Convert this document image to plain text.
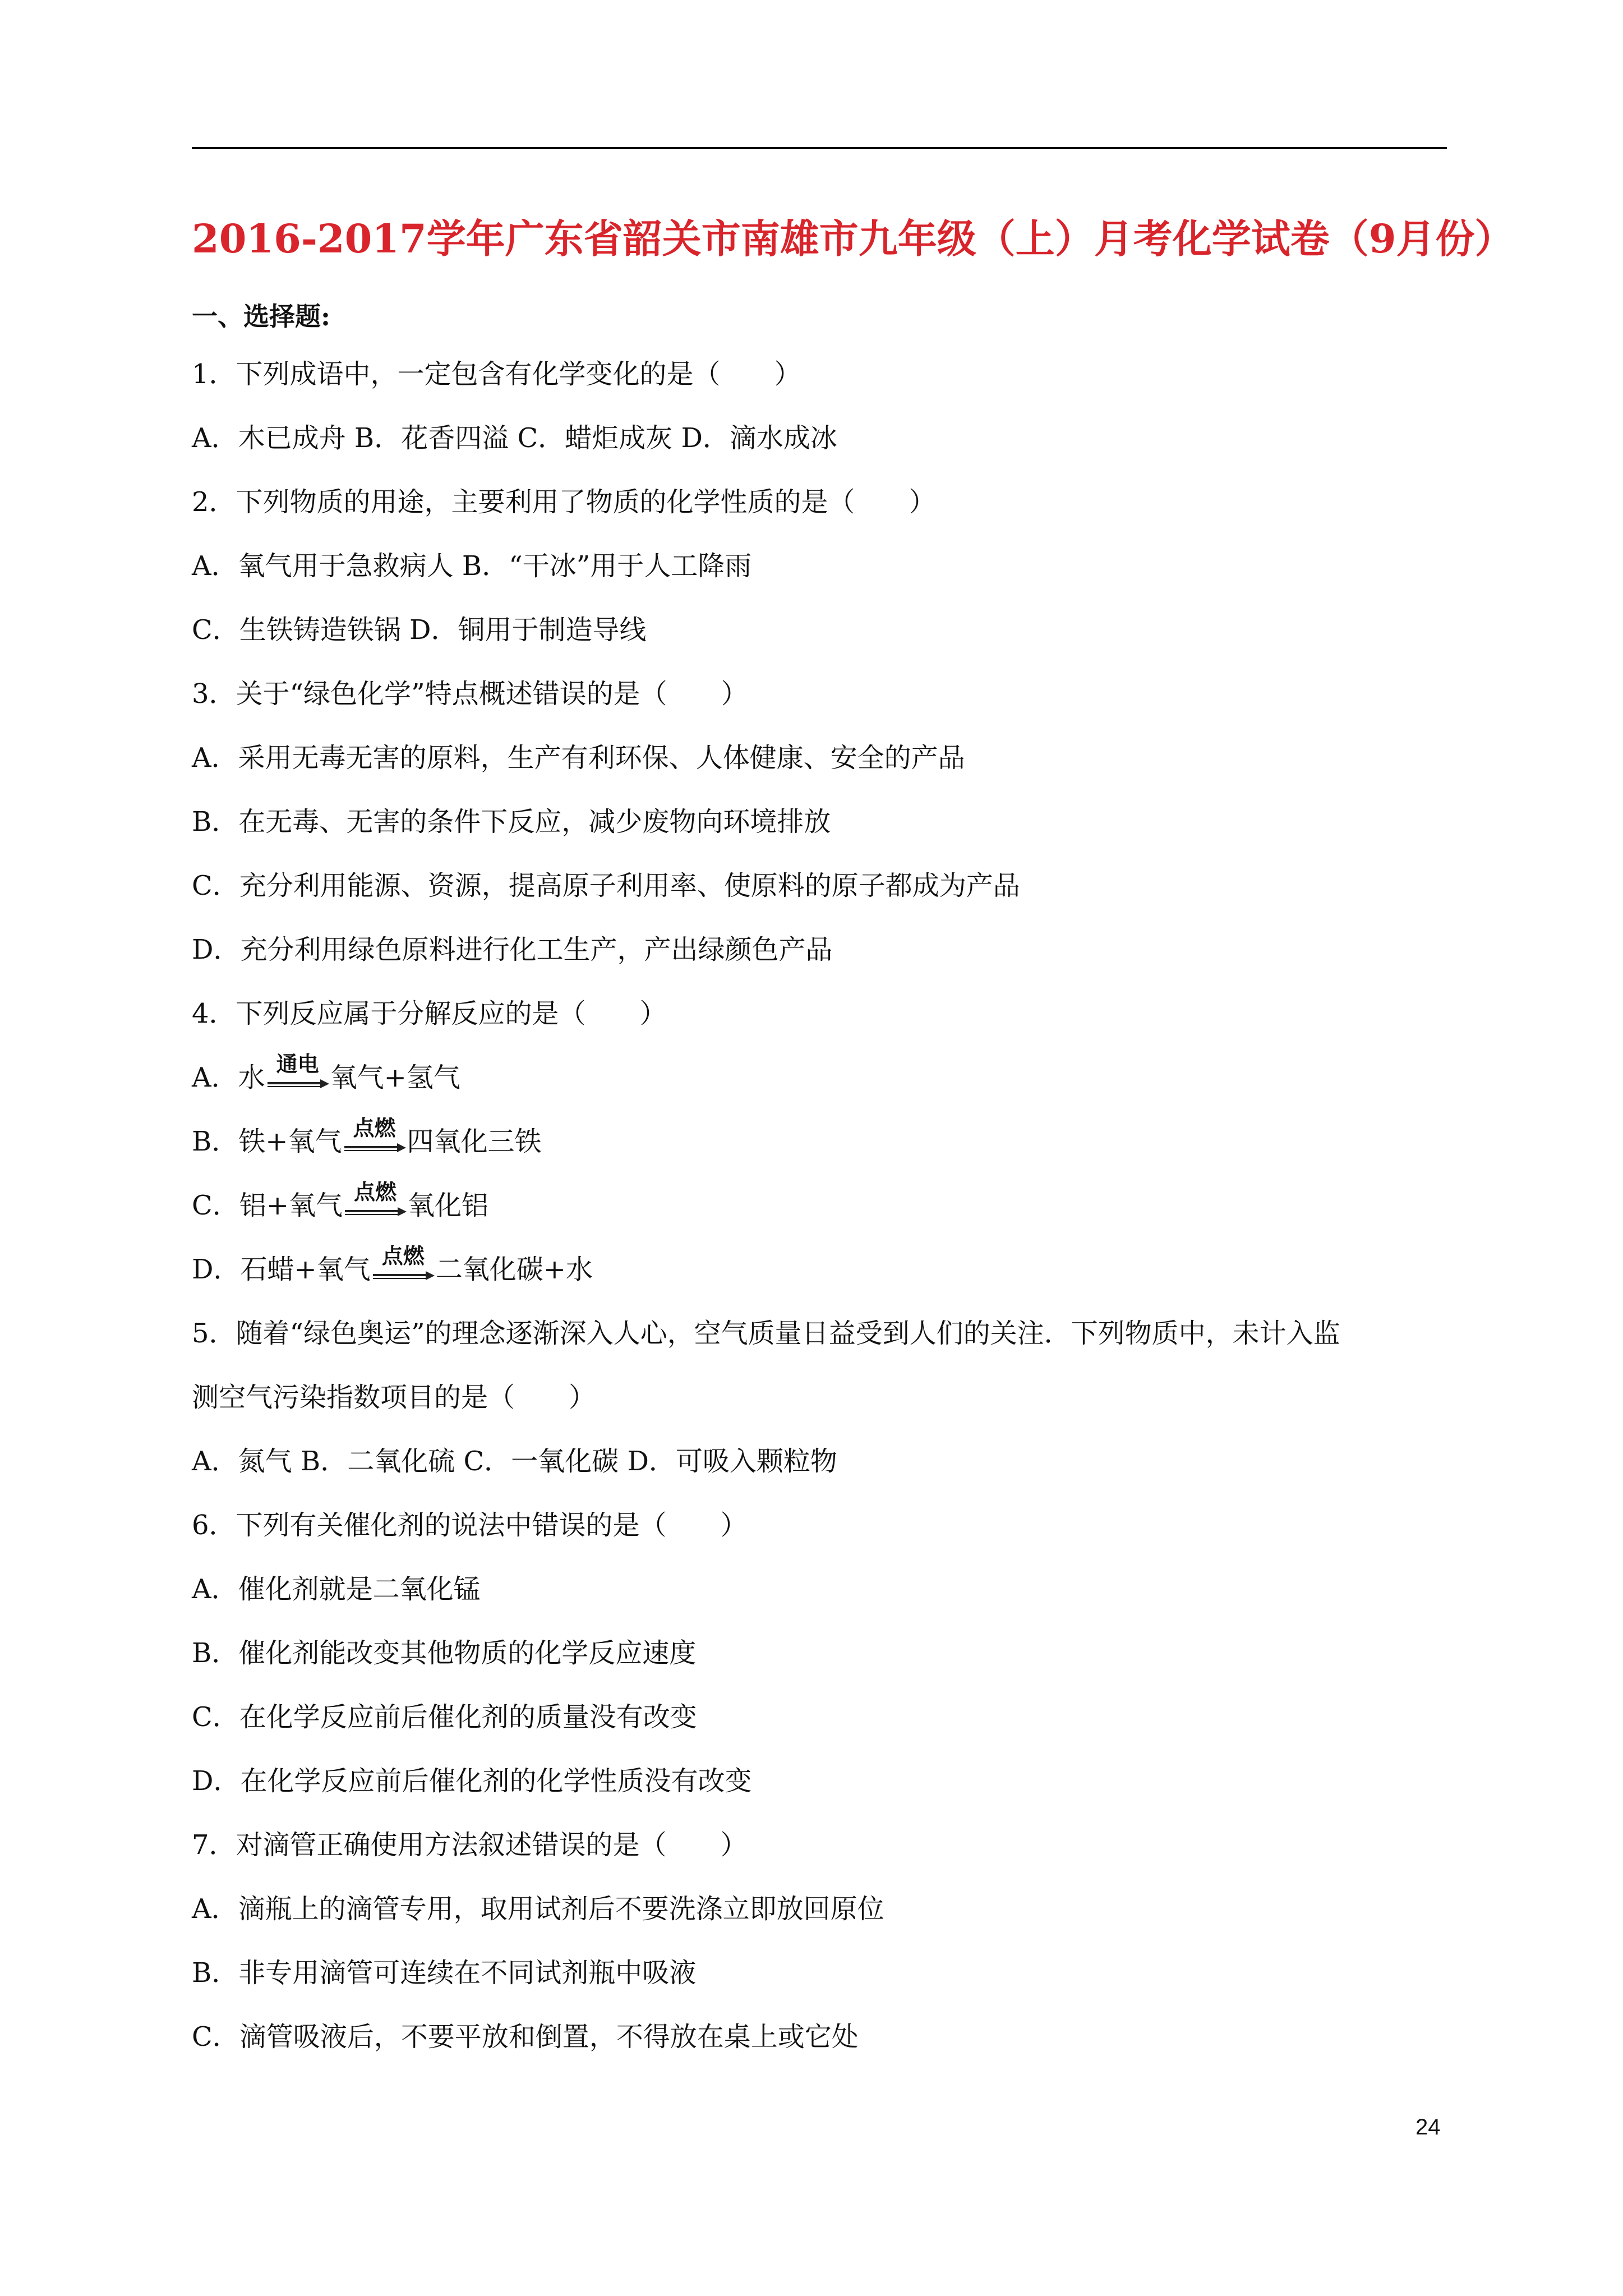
2016-2017学年广东省韶关市南雄市九年级（上）月考化学试卷（9月份）
一、选择题:
1．下列成语中，一定包含有化学变化的是（　　）
A．木已成舟 B．花香四溢 C．蜡炬成灰 D．滴水成冰
2．下列物质的用途，主要利用了物质的化学性质的是（　　）
A．氧气用于急救病人 B．“干冰”用于人工降雨
C．生铁铸造铁锅 D．铜用于制造导线
3．关于“绿色化学”特点概述错误的是（　　）
A．采用无毒无害的原料，生产有利环保、人体健康、安全的产品
B．在无毒、无害的条件下反应，减少废物向环境排放
C．充分利用能源、资源，提高原子利用率、使原料的原子都成为产品
D．充分利用绿色原料进行化工生产，产出绿颜色产品
4．下列反应属于分解反应的是（　　）
A．水 通电 氧气+氢气
B．铁+氧气 点燃 四氧化三铁
C．铝+氧气 点燃 氧化铝
D．石蜡+氧气 点燃 二氧化碳+水
5．随着“绿色奥运”的理念逐渐深入人心，空气质量日益受到人们的关注．下列物质中，未计入监
测空气污染指数项目的是（　　）
A．氮气 B．二氧化硫 C．一氧化碳 D．可吸入颗粒物
6．下列有关催化剂的说法中错误的是（　　）
A．催化剂就是二氧化锰
B．催化剂能改变其他物质的化学反应速度
C．在化学反应前后催化剂的质量没有改变
D．在化学反应前后催化剂的化学性质没有改变
7．对滴管正确使用方法叙述错误的是（　　）
A．滴瓶上的滴管专用，取用试剂后不要洗涤立即放回原位
B．非专用滴管可连续在不同试剂瓶中吸液
C．滴管吸液后，不要平放和倒置，不得放在桌上或它处
24
